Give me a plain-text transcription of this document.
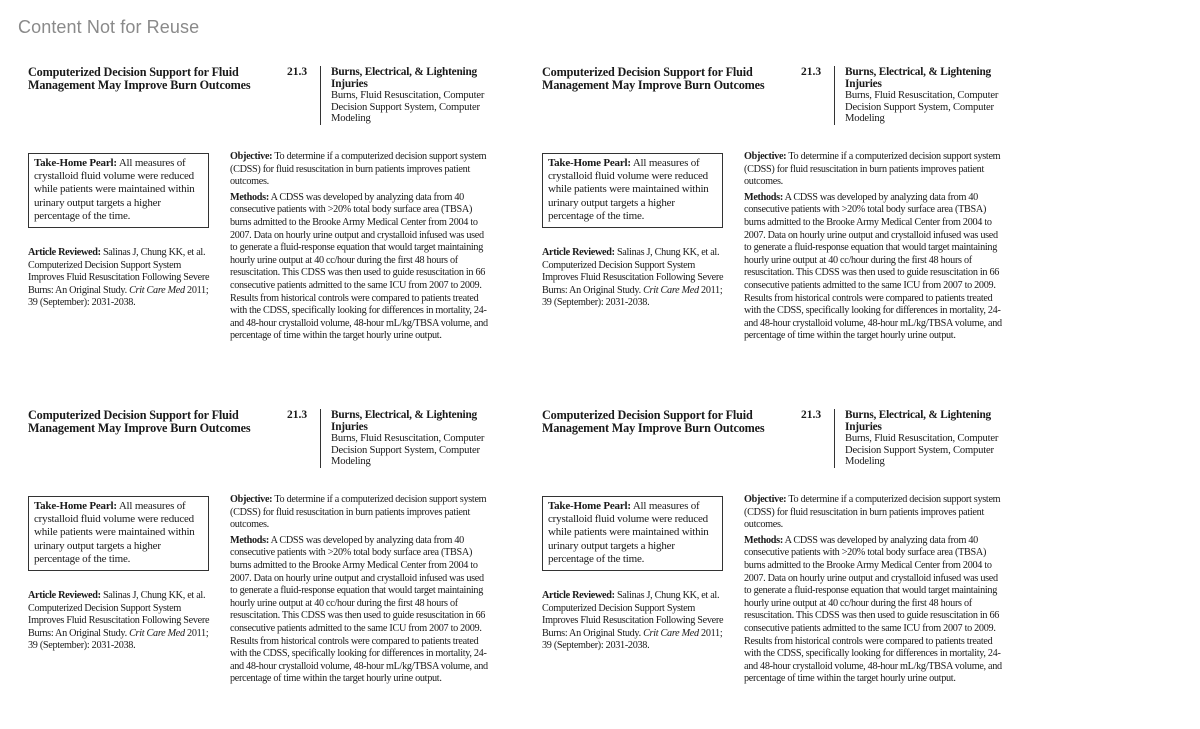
Content Not for Reuse
Computerized Decision Support for Fluid Management May Improve Burn Outcomes
21.3 Burns, Electrical, & Lightening Injuries
Burns, Fluid Resuscitation, Computer Decision Support System, Computer Modeling
Take-Home Pearl: All measures of crystalloid fluid volume were reduced while patients were maintained within urinary output targets a higher percentage of the time.
Article Reviewed: Salinas J, Chung KK, et al. Computerized Decision Support System Improves Fluid Resuscitation Following Severe Burns: An Original Study. Crit Care Med 2011; 39 (September): 2031-2038.

Objective: To determine if a computerized decision support system (CDSS) for fluid resuscitation in burn patients improves patient outcomes.

Methods: A CDSS was developed by analyzing data from 40 consecutive patients with >20% total body surface area (TBSA) burns admitted to the Brooke Army Medical Center from 2004 to 2007. Data on hourly urine output and crystalloid infused was used to generate a fluid-response equation that would target maintaining hourly urine output at 40 cc/hour during the first 48 hours of resuscitation. This CDSS was then used to guide resuscitation in 66 consecutive patients admitted to the same ICU from 2007 to 2009. Results from historical controls were compared to patients treated with the CDSS, specifically looking for differences in mortality, 24- and 48-hour crystalloid volume, 48-hour mL/kg/TBSA volume, and percentage of time within the target hourly urine output.

Computerized Decision Support for Fluid Management May Improve Burn Outcomes
21.3 Burns, Electrical, & Lightening Injuries
Burns, Fluid Resuscitation, Computer Decision Support System, Computer Modeling
Take-Home Pearl: All measures of crystalloid fluid volume were reduced while patients were maintained within urinary output targets a higher percentage of the time.
Article Reviewed: Salinas J, Chung KK, et al. Computerized Decision Support System Improves Fluid Resuscitation Following Severe Burns: An Original Study. Crit Care Med 2011; 39 (September): 2031-2038.

Objective: To determine if a computerized decision support system (CDSS) for fluid resuscitation in burn patients improves patient outcomes.

Methods: A CDSS was developed by analyzing data from 40 consecutive patients with >20% total body surface area (TBSA) burns admitted to the Brooke Army Medical Center from 2004 to 2007. Data on hourly urine output and crystalloid infused was used to generate a fluid-response equation that would target maintaining hourly urine output at 40 cc/hour during the first 48 hours of resuscitation. This CDSS was then used to guide resuscitation in 66 consecutive patients admitted to the same ICU from 2007 to 2009. Results from historical controls were compared to patients treated with the CDSS, specifically looking for differences in mortality, 24- and 48-hour crystalloid volume, 48-hour mL/kg/TBSA volume, and percentage of time within the target hourly urine output.

Computerized Decision Support for Fluid Management May Improve Burn Outcomes
21.3 Burns, Electrical, & Lightening Injuries
Burns, Fluid Resuscitation, Computer Decision Support System, Computer Modeling
Take-Home Pearl: All measures of crystalloid fluid volume were reduced while patients were maintained within urinary output targets a higher percentage of the time.
Article Reviewed: Salinas J, Chung KK, et al. Computerized Decision Support System Improves Fluid Resuscitation Following Severe Burns: An Original Study. Crit Care Med 2011; 39 (September): 2031-2038.

Objective: To determine if a computerized decision support system (CDSS) for fluid resuscitation in burn patients improves patient outcomes.

Methods: A CDSS was developed by analyzing data from 40 consecutive patients with >20% total body surface area (TBSA) burns admitted to the Brooke Army Medical Center from 2004 to 2007. Data on hourly urine output and crystalloid infused was used to generate a fluid-response equation that would target maintaining hourly urine output at 40 cc/hour during the first 48 hours of resuscitation. This CDSS was then used to guide resuscitation in 66 consecutive patients admitted to the same ICU from 2007 to 2009. Results from historical controls were compared to patients treated with the CDSS, specifically looking for differences in mortality, 24- and 48-hour crystalloid volume, 48-hour mL/kg/TBSA volume, and percentage of time within the target hourly urine output.

Computerized Decision Support for Fluid Management May Improve Burn Outcomes
21.3 Burns, Electrical, & Lightening Injuries
Burns, Fluid Resuscitation, Computer Decision Support System, Computer Modeling
Take-Home Pearl: All measures of crystalloid fluid volume were reduced while patients were maintained within urinary output targets a higher percentage of the time.
Article Reviewed: Salinas J, Chung KK, et al. Computerized Decision Support System Improves Fluid Resuscitation Following Severe Burns: An Original Study. Crit Care Med 2011; 39 (September): 2031-2038.

Objective: To determine if a computerized decision support system (CDSS) for fluid resuscitation in burn patients improves patient outcomes.

Methods: A CDSS was developed by analyzing data from 40 consecutive patients with >20% total body surface area (TBSA) burns admitted to the Brooke Army Medical Center from 2004 to 2007. Data on hourly urine output and crystalloid infused was used to generate a fluid-response equation that would target maintaining hourly urine output at 40 cc/hour during the first 48 hours of resuscitation. This CDSS was then used to guide resuscitation in 66 consecutive patients admitted to the same ICU from 2007 to 2009. Results from historical controls were compared to patients treated with the CDSS, specifically looking for differences in mortality, 24- and 48-hour crystalloid volume, 48-hour mL/kg/TBSA volume, and percentage of time within the target hourly urine output.
